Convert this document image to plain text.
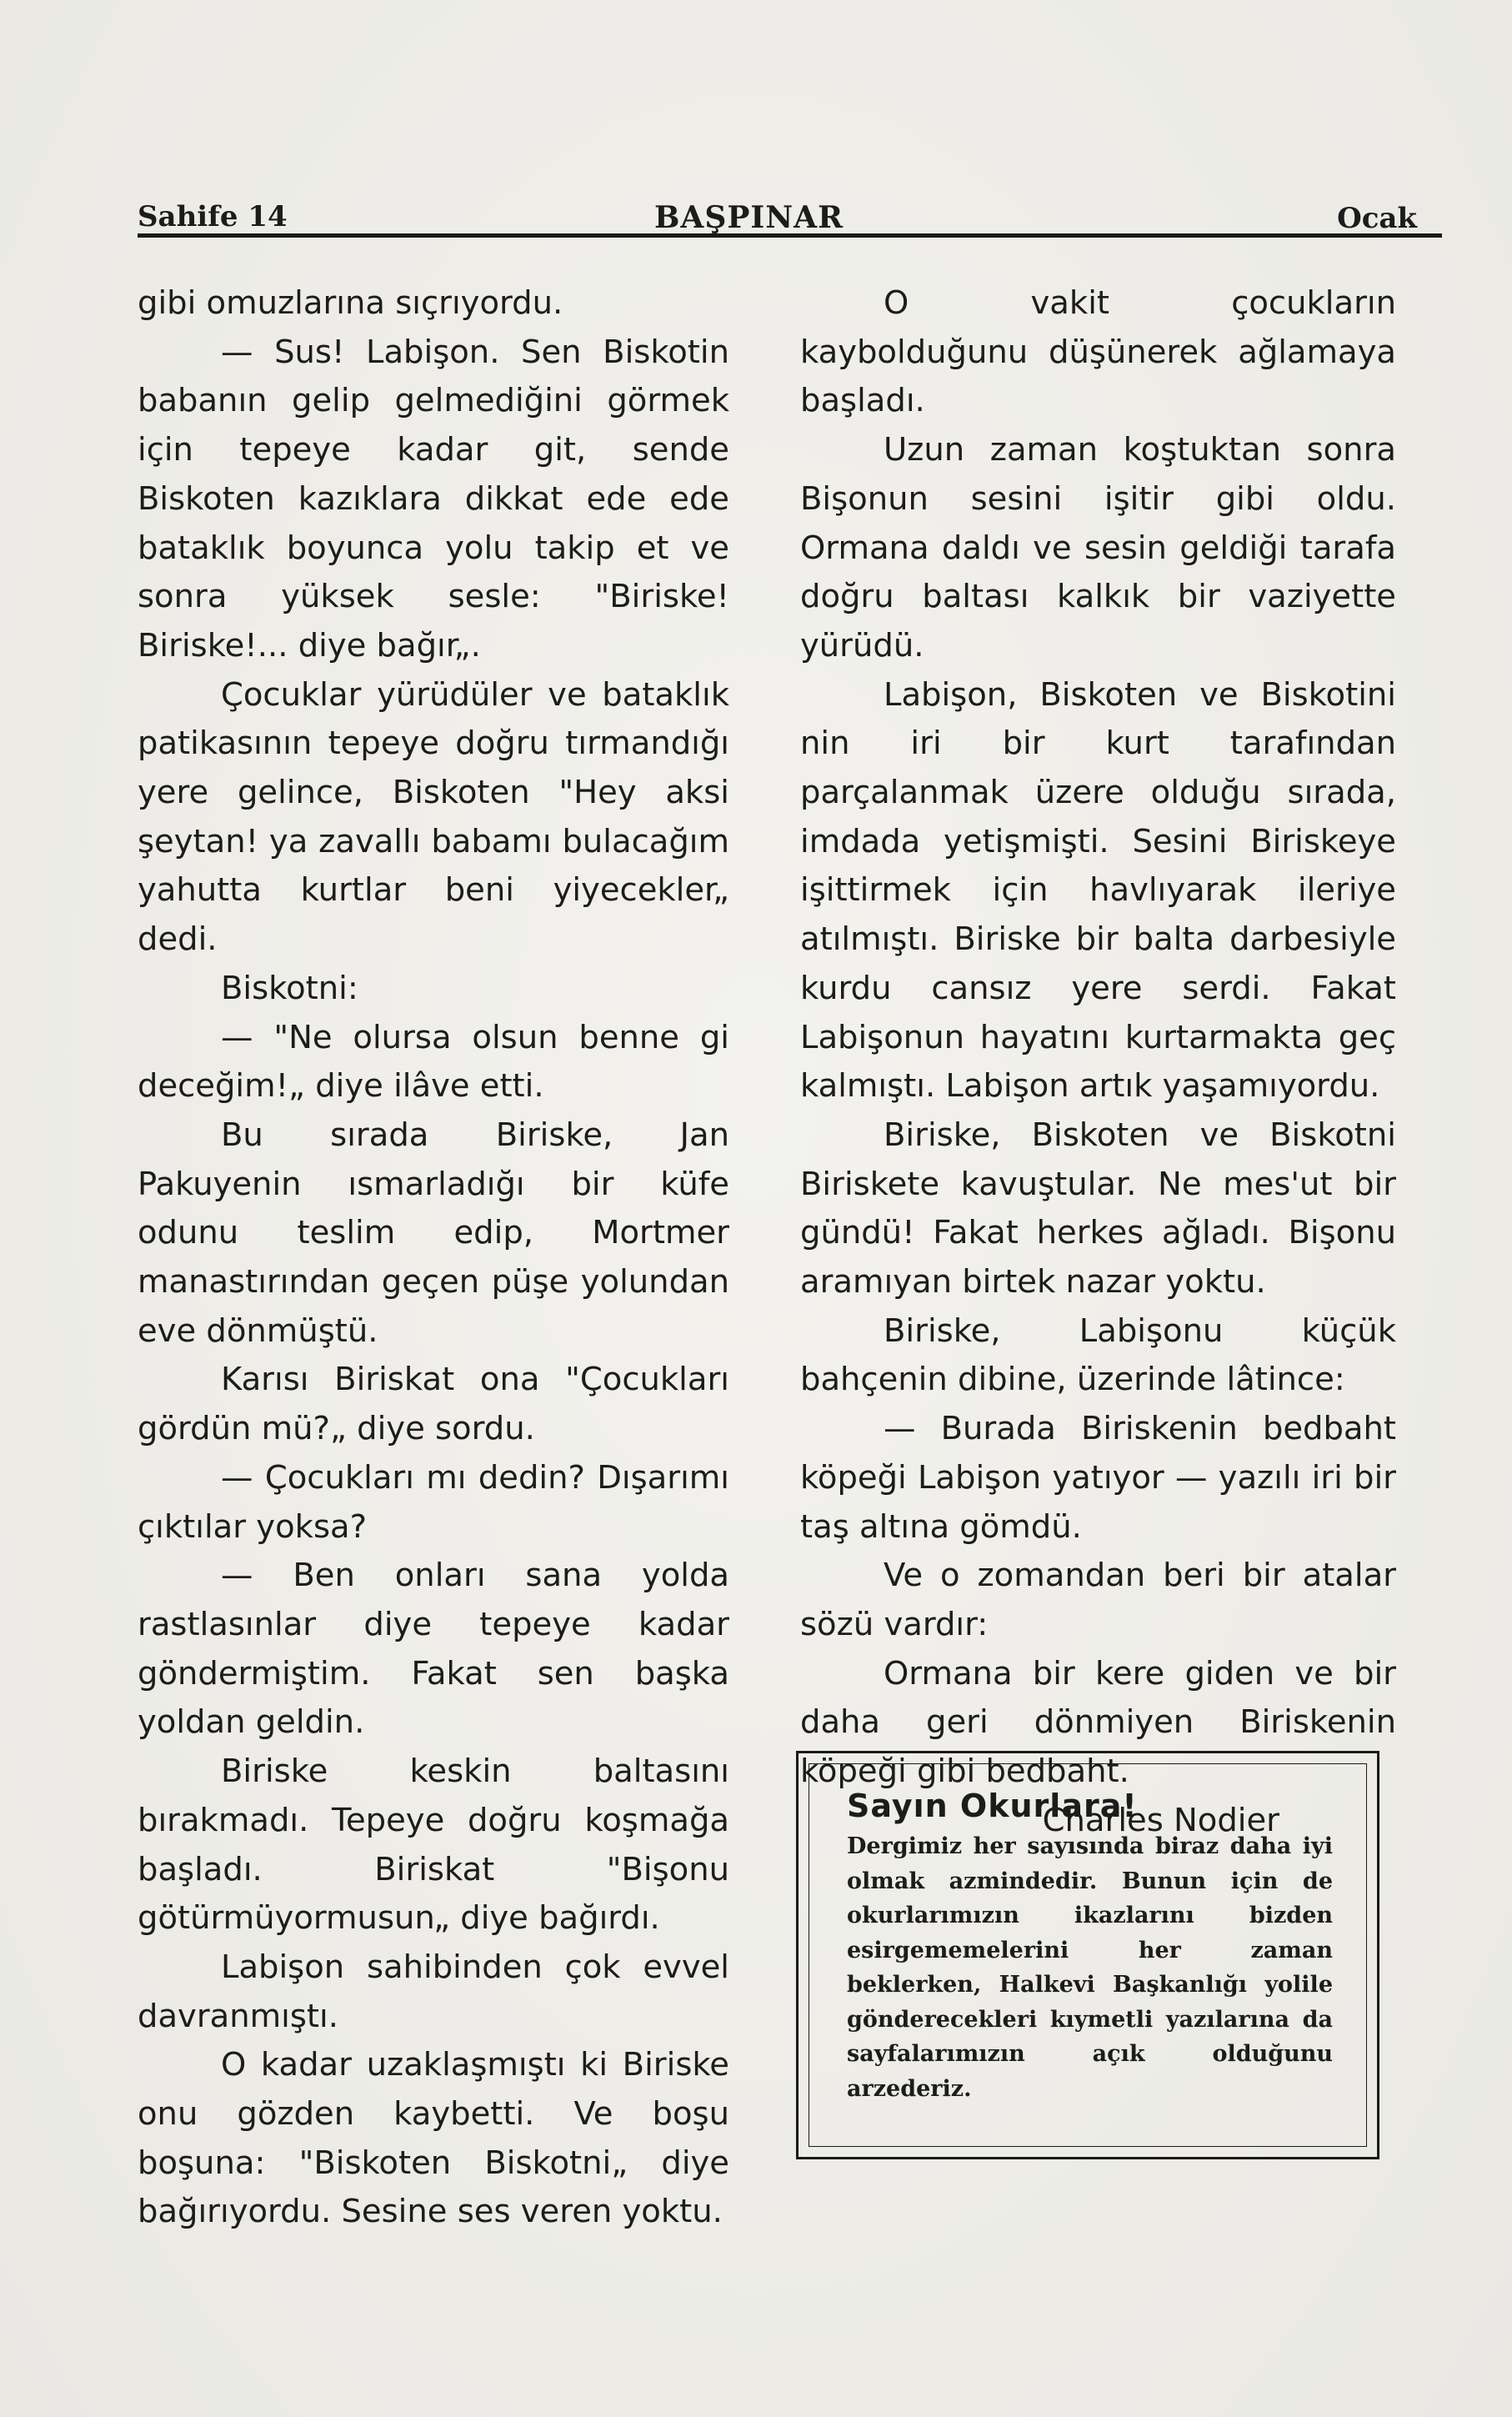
Sahife 14	BAŞPINAR	Ocak

gibi omuzlarına sıçrıyordu.

— Sus! Labişon. Sen Biskotin babanın gelip gelmediğini görmek için tepeye kadar git, sende Biskoten kazıklara dikkat ede ede bataklık boyunca yolu takip et ve sonra yüksek sesle: "Biriske! Biriske!... diye bağır„.

Çocuklar yürüdüler ve bataklık patikasının tepeye doğru tırmandığı yere gelince, Biskoten "Hey aksi şeytan! ya zavallı babamı bulacağım yahutta kurtlar beni yiyecekler„ dedi.

Biskotni:

— "Ne olursa olsun benne gi deceğim!„ diye ilâve etti.

Bu sırada Biriske, Jan Pakuyenin ısmarladığı bir küfe odunu teslim edip, Mortmer manastırından geçen püşe yolundan eve dönmüştü.

Karısı Biriskat ona "Çocukları gördün mü?„ diye sordu.

— Çocukları mı dedin? Dışarımı çıktılar yoksa?

— Ben onları sana yolda rastlasınlar diye tepeye kadar göndermiştim. Fakat sen başka yoldan geldin.

Biriske keskin baltasını bırakmadı. Tepeye doğru koşmağa başladı. Biriskat "Bişonu götürmüyormusun„ diye bağırdı.

Labişon sahibinden çok evvel davranmıştı.

O kadar uzaklaşmıştı ki Biriske onu gözden kaybetti. Ve boşu boşuna: "Biskoten Biskotni„ diye bağırıyordu. Sesine ses veren yoktu.

O vakit çocukların kaybolduğunu düşünerek ağlamaya başladı.

Uzun zaman koştuktan sonra Bişonun sesini işitir gibi oldu. Ormana daldı ve sesin geldiği tarafa doğru baltası kalkık bir vaziyette yürüdü.

Labişon, Biskoten ve Biskotini nin iri bir kurt tarafından parçalanmak üzere olduğu sırada, imdada yetişmişti. Sesini Biriskeye işittirmek için havlıyarak ileriye atılmıştı. Biriske bir balta darbesiyle kurdu cansız yere serdi. Fakat Labişonun hayatını kurtarmakta geç kalmıştı. Labişon artık yaşamıyordu.

Biriske, Biskoten ve Biskotni Biriskete kavuştular. Ne mes'ut bir gündü! Fakat herkes ağladı. Bişonu aramıyan birtek nazar yoktu.

Biriske, Labişonu küçük bahçenin dibine, üzerinde lâtince:

— Burada Biriskenin bedbaht köpeği Labişon yatıyor — yazılı iri bir taş altına gömdü.

Ve o zomandan beri bir atalar sözü vardır:

Ormana bir kere giden ve bir daha geri dönmiyen Biriskenin köpeği gibi bedbaht.

Charles Nodier

Sayın Okurlara!

Dergimiz her sayısında biraz daha iyi olmak azmindedir. Bunun için de okurlarımızın ikazlarını bizden esirgememelerini her zaman beklerken, Halkevi Başkanlığı yolile gönderecekleri kıymetli yazılarına da sayfalarımızın açık olduğunu arzederiz.
